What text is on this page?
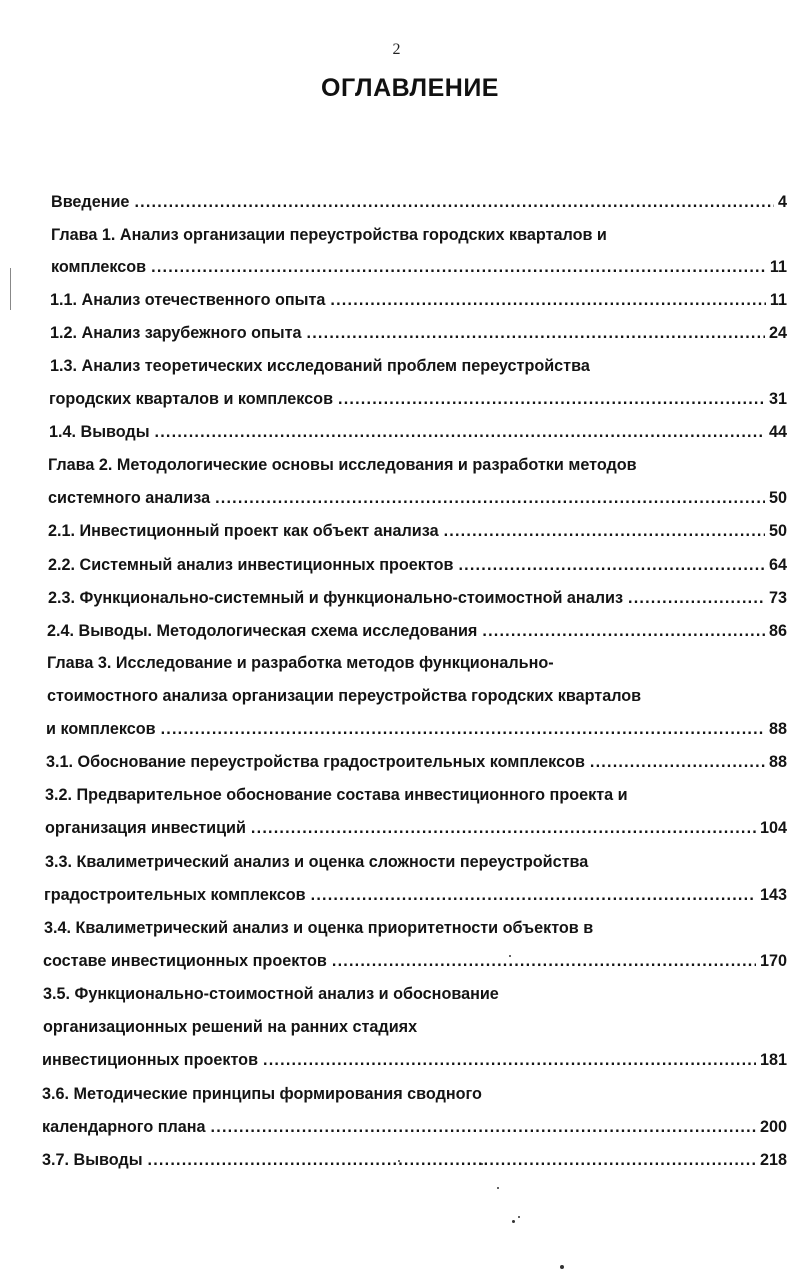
2
ОГЛАВЛЕНИЕ
Введение .....	4
Глава 1. Анализ организации переустройства городских кварталов и
комплексов .....	11
1.1. Анализ отечественного опыта .....	11
1.2. Анализ зарубежного опыта .....	24
1.3. Анализ теоретических исследований проблем переустройства
городских кварталов и комплексов .....	31
1.4. Выводы .....	44
Глава 2. Методологические основы исследования и разработки методов
системного анализа .....	50
2.1. Инвестиционный проект как объект анализа .....	50
2.2. Системный анализ инвестиционных проектов .....	64
2.3. Функционально-системный и функционально-стоимостной анализ .....	73
2.4. Выводы. Методологическая схема исследования .....	86
Глава 3. Исследование и разработка методов функционально-
стоимостного анализа организации переустройства городских кварталов
и комплексов .....	88
3.1. Обоснование переустройства градостроительных комплексов .....	88
3.2. Предварительное обоснование состава инвестиционного проекта и
организация инвестиций .....	104
3.3. Квалиметрический анализ и оценка сложности переустройства
градостроительных комплексов .....	143
3.4. Квалиметрический анализ и оценка приоритетности объектов в
составе инвестиционных проектов .....	170
3.5. Функционально-стоимостной анализ и обоснование
организационных решений на ранних стадиях
инвестиционных проектов .....	181
3.6. Методические принципы формирования сводного
календарного плана .....	200
3.7. Выводы .....	218
